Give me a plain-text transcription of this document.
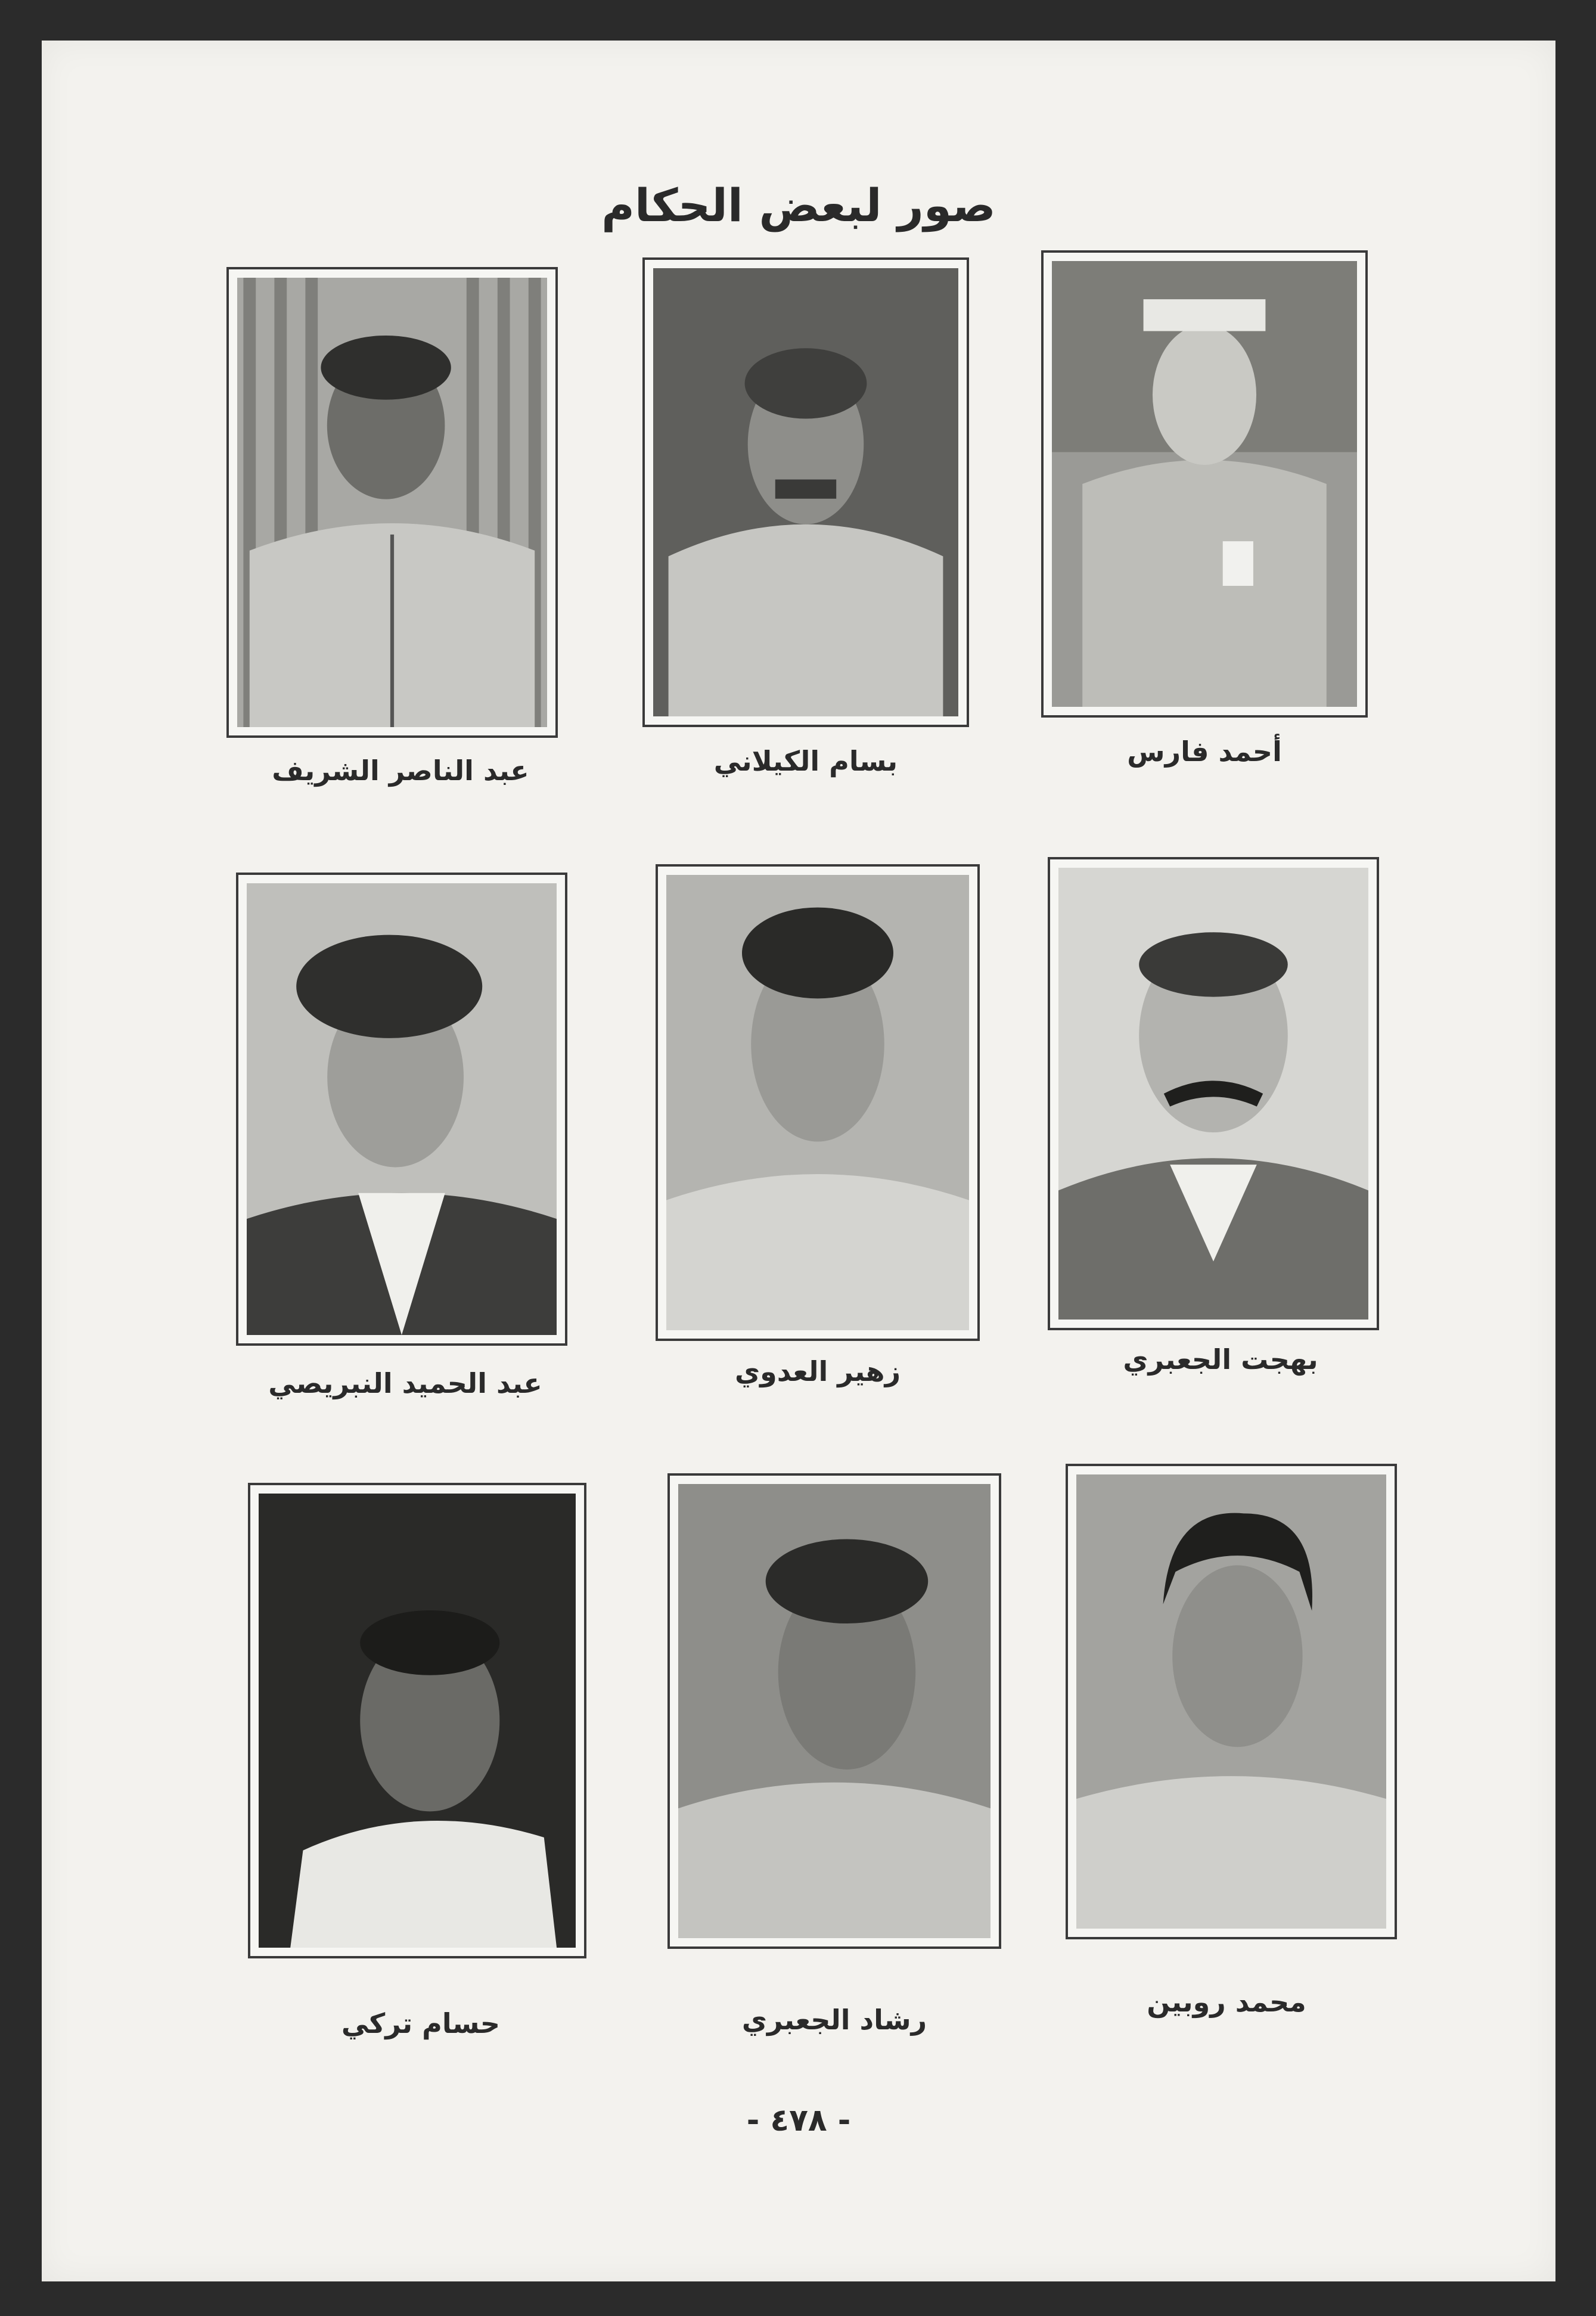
صور لبعض الحكام
أحمد فارس
بسام الكيلاني
عبد الناصر الشريف
بهجت الجعبري
زهير العدوي
عبد الحميد النبريصي
محمد روبين
رشاد الجعبري
حسام تركي
- ٤٧٨ -
